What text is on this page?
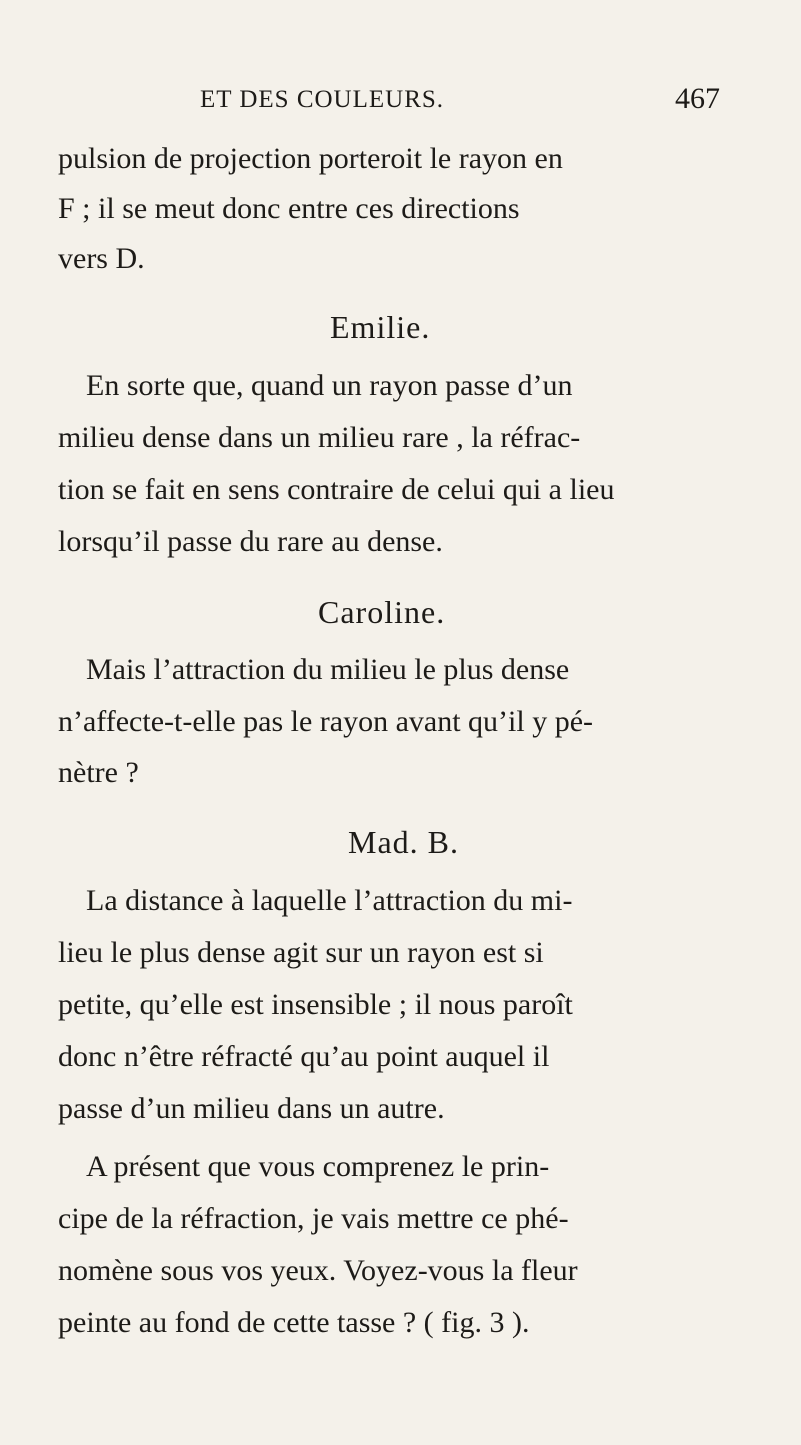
ET DES COULEURS.	467
pulsion de projection porteroit le rayon en
F ; il se meut donc entre ces directions
vers D.
Emilie.
En sorte que, quand un rayon passe d’un
milieu dense dans un milieu rare , la réfrac-
tion se fait en sens contraire de celui qui a lieu
lorsqu’il passe du rare au dense.
Caroline.
Mais l’attraction du milieu le plus dense
n’affecte-t-elle pas le rayon avant qu’il y pé-
nètre ?
Mad. B.
La distance à laquelle l’attraction du mi-
lieu le plus dense agit sur un rayon est si
petite, qu’elle est insensible ; il nous paroît
donc n’être réfracté qu’au point auquel il
passe d’un milieu dans un autre.
A présent que vous comprenez le prin-
cipe de la réfraction, je vais mettre ce phé-
nomène sous vos yeux. Voyez-vous la fleur
peinte au fond de cette tasse ? ( fig. 3 ).
